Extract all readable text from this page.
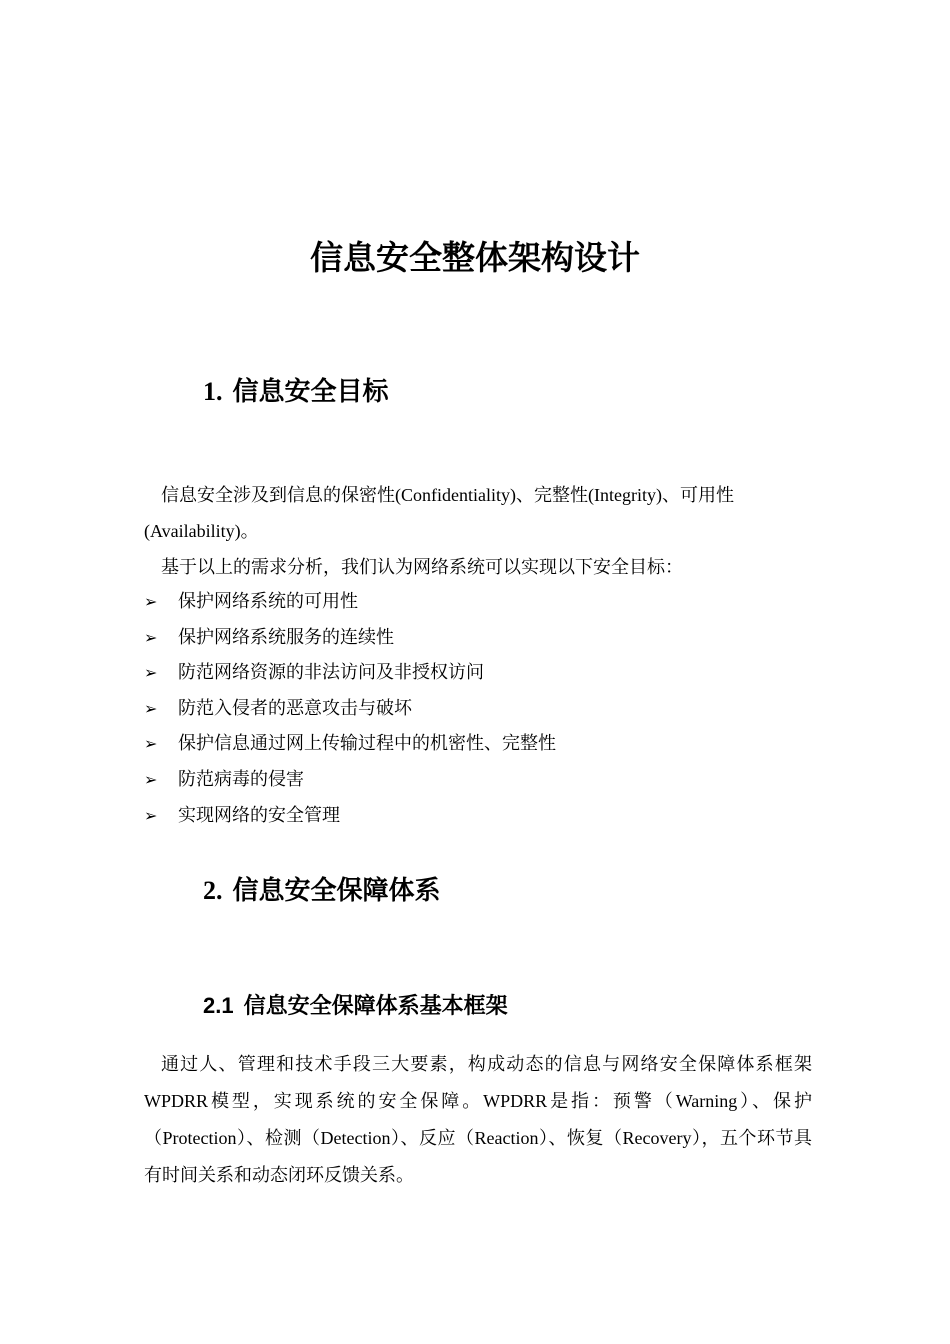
信息安全整体架构设计
1. 信息安全目标

信息安全涉及到信息的保密性(Confidentiality)、完整性(Integrity)、可用性(Availability)。

基于以上的需求分析，我们认为网络系统可以实现以下安全目标：

➢	保护网络系统的可用性
➢	保护网络系统服务的连续性
➢	防范网络资源的非法访问及非授权访问
➢	防范入侵者的恶意攻击与破坏
➢	保护信息通过网上传输过程中的机密性、完整性
➢	防范病毒的侵害
➢	实现网络的安全管理
2. 信息安全保障体系
2.1 信息安全保障体系基本框架

通过人、管理和技术手段三大要素，构成动态的信息与网络安全保障体系框架WPDRR模型，实现系统的安全保障。WPDRR是指：预警（Warning）、保护（Protection）、检测（Detection）、反应（Reaction）、恢复（Recovery），五个环节具有时间关系和动态闭环反馈关系。
